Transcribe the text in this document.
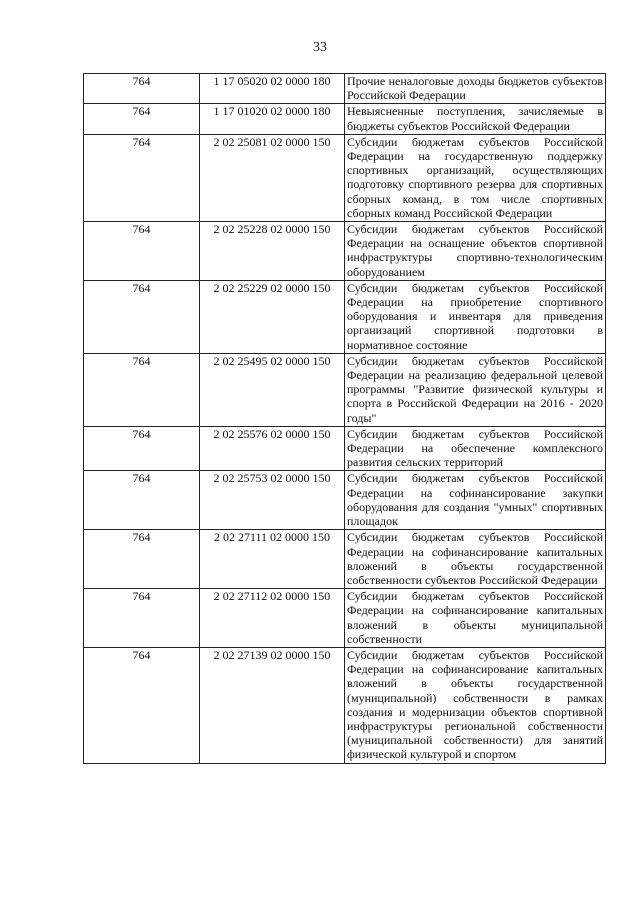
33
764	1 17 05020 02 0000 180	Прочие неналоговые доходы бюджетов субъектов Российской Федерации
764	1 17 01020 02 0000 180	Невыясненные поступления, зачисляемые в бюджеты субъектов Российской Федерации
764	2 02 25081 02 0000 150	Субсидии бюджетам субъектов Российской Федерации на государственную поддержку спортивных организаций, осуществляющих подготовку спортивного резерва для спортивных сборных команд, в том числе спортивных сборных команд Российской Федерации
764	2 02 25228 02 0000 150	Субсидии бюджетам субъектов Российской Федерации на оснащение объектов спортивной инфраструктуры спортивно-технологическим оборудованием
764	2 02 25229 02 0000 150	Субсидии бюджетам субъектов Российской Федерации на приобретение спортивного оборудования и инвентаря для приведения организаций спортивной подготовки в нормативное состояние
764	2 02 25495 02 0000 150	Субсидии бюджетам субъектов Российской Федерации на реализацию федеральной целевой программы "Развитие физической культуры и спорта в Российской Федерации на 2016 - 2020 годы"
764	2 02 25576 02 0000 150	Субсидии бюджетам субъектов Российской Федерации на обеспечение комплексного развития сельских территорий
764	2 02 25753 02 0000 150	Субсидии бюджетам субъектов Российской Федерации на софинансирование закупки оборудования для создания "умных" спортивных площадок
764	2 02 27111 02 0000 150	Субсидии бюджетам субъектов Российской Федерации на софинансирование капитальных вложений в объекты государственной собственности субъектов Российской Федерации
764	2 02 27112 02 0000 150	Субсидии бюджетам субъектов Российской Федерации на софинансирование капитальных вложений в объекты муниципальной собственности
764	2 02 27139 02 0000 150	Субсидии бюджетам субъектов Российской Федерации на софинансирование капитальных вложений в объекты государственной (муниципальной) собственности в рамках создания и модернизации объектов спортивной инфраструктуры региональной собственности (муниципальной собственности) для занятий физической культурой и спортом
